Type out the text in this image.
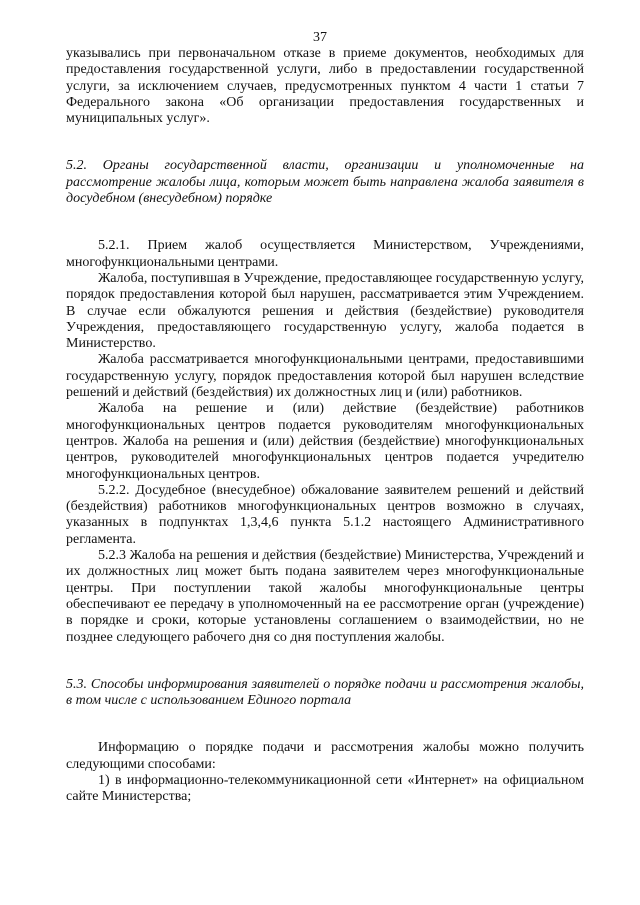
37

указывались при первоначальном отказе в приеме документов, необходимых для предоставления государственной услуги, либо в предоставлении государственной услуги, за исключением случаев, предусмотренных пунктом 4 части 1 статьи 7 Федерального закона «Об организации предоставления государственных и муниципальных услуг».

5.2. Органы государственной власти, организации и уполномоченные на рассмотрение жалобы лица, которым может быть направлена жалоба заявителя в досудебном (внесудебном) порядке

5.2.1. Прием жалоб осуществляется Министерством, Учреждениями, многофункциональными центрами.

Жалоба, поступившая в Учреждение, предоставляющее государственную услугу, порядок предоставления которой был нарушен, рассматривается этим Учреждением. В случае если обжалуются решения и действия (бездействие) руководителя Учреждения, предоставляющего государственную услугу, жалоба подается в Министерство.

Жалоба рассматривается многофункциональными центрами, предоставившими государственную услугу, порядок предоставления которой был нарушен вследствие решений и действий (бездействия) их должностных лиц и (или) работников.

Жалоба на решение и (или) действие (бездействие) работников многофункциональных центров подается руководителям многофункциональных центров. Жалоба на решения и (или) действия (бездействие) многофункциональных центров, руководителей многофункциональных центров подается учредителю многофункциональных центров.

5.2.2. Досудебное (внесудебное) обжалование заявителем решений и действий (бездействия) работников многофункциональных центров возможно в случаях, указанных в подпунктах 1,3,4,6 пункта 5.1.2 настоящего Административного регламента.

5.2.3 Жалоба на решения и действия (бездействие) Министерства, Учреждений и их должностных лиц может быть подана заявителем через многофункциональные центры. При поступлении такой жалобы многофункциональные центры обеспечивают ее передачу в уполномоченный на ее рассмотрение орган (учреждение) в порядке и сроки, которые установлены соглашением о взаимодействии, но не позднее следующего рабочего дня со дня поступления жалобы.

5.3. Способы информирования заявителей о порядке подачи и рассмотрения жалобы, в том числе с использованием Единого портала

Информацию о порядке подачи и рассмотрения жалобы можно получить следующими способами:

1) в информационно-телекоммуникационной сети «Интернет» на официальном сайте Министерства;
